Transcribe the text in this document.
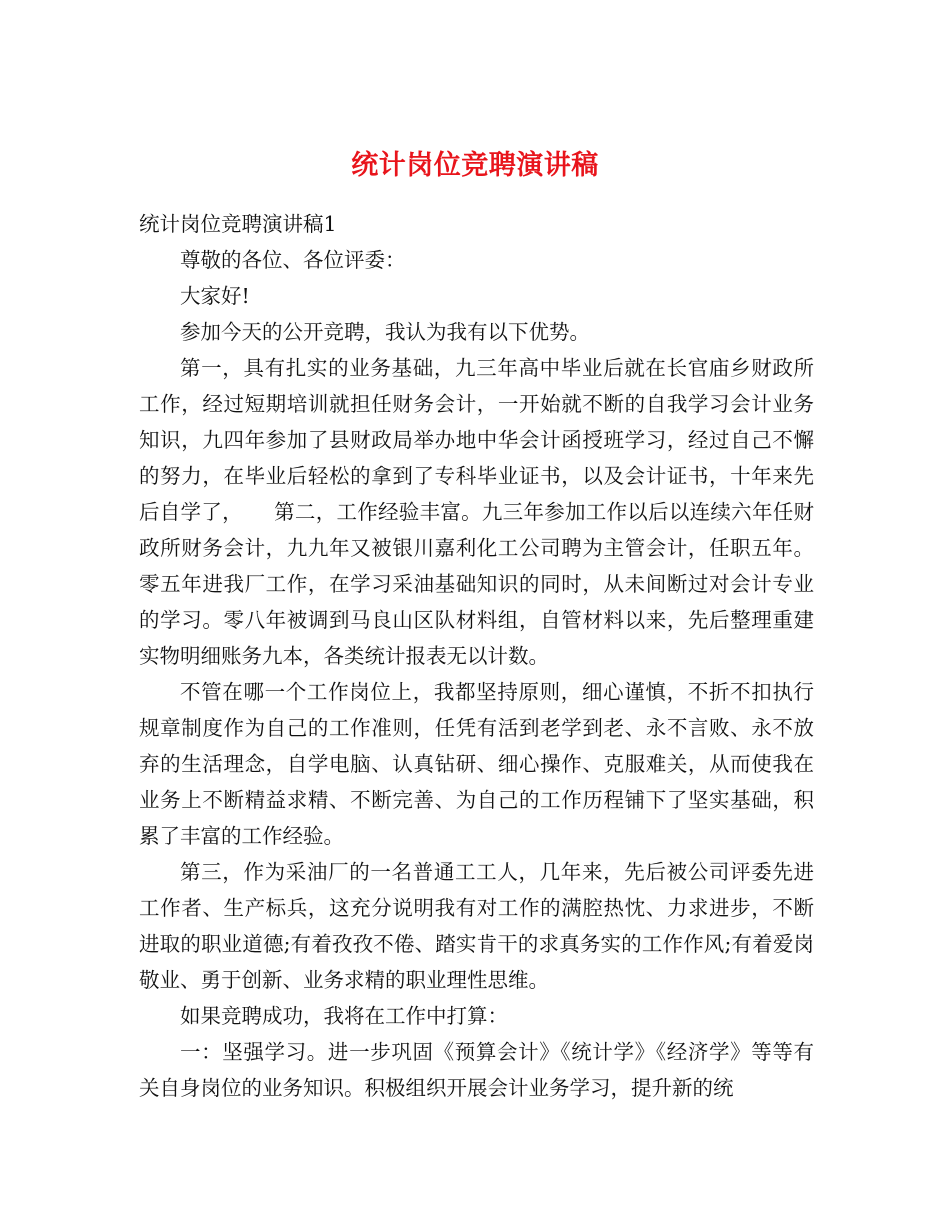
统计岗位竞聘演讲稿

统计岗位竞聘演讲稿1

尊敬的各位、各位评委：

大家好!

参加今天的公开竞聘，我认为我有以下优势。

第一，具有扎实的业务基础，九三年高中毕业后就在长官庙乡财政所工作，经过短期培训就担任财务会计，一开始就不断的自我学习会计业务知识，九四年参加了县财政局举办地中华会计函授班学习，经过自己不懈的努力，在毕业后轻松的拿到了专科毕业证书，以及会计证书，十年来先后自学了，　　第二，工作经验丰富。九三年参加工作以后以连续六年任财政所财务会计，九九年又被银川嘉利化工公司聘为主管会计，任职五年。零五年进我厂工作，在学习采油基础知识的同时，从未间断过对会计专业的学习。零八年被调到马良山区队材料组，自管材料以来，先后整理重建实物明细账务九本，各类统计报表无以计数。

不管在哪一个工作岗位上，我都坚持原则，细心谨慎，不折不扣执行规章制度作为自己的工作准则，任凭有活到老学到老、永不言败、永不放弃的生活理念，自学电脑、认真钻研、细心操作、克服难关，从而使我在业务上不断精益求精、不断完善、为自己的工作历程铺下了坚实基础，积累了丰富的工作经验。

第三，作为采油厂的一名普通工工人，几年来，先后被公司评委先进工作者、生产标兵，这充分说明我有对工作的满腔热忱、力求进步，不断进取的职业道德;有着孜孜不倦、踏实肯干的求真务实的工作作风;有着爱岗敬业、勇于创新、业务求精的职业理性思维。

如果竞聘成功，我将在工作中打算：

一：坚强学习。进一步巩固《预算会计》《统计学》《经济学》等等有关自身岗位的业务知识。积极组织开展会计业务学习，提升新的统
